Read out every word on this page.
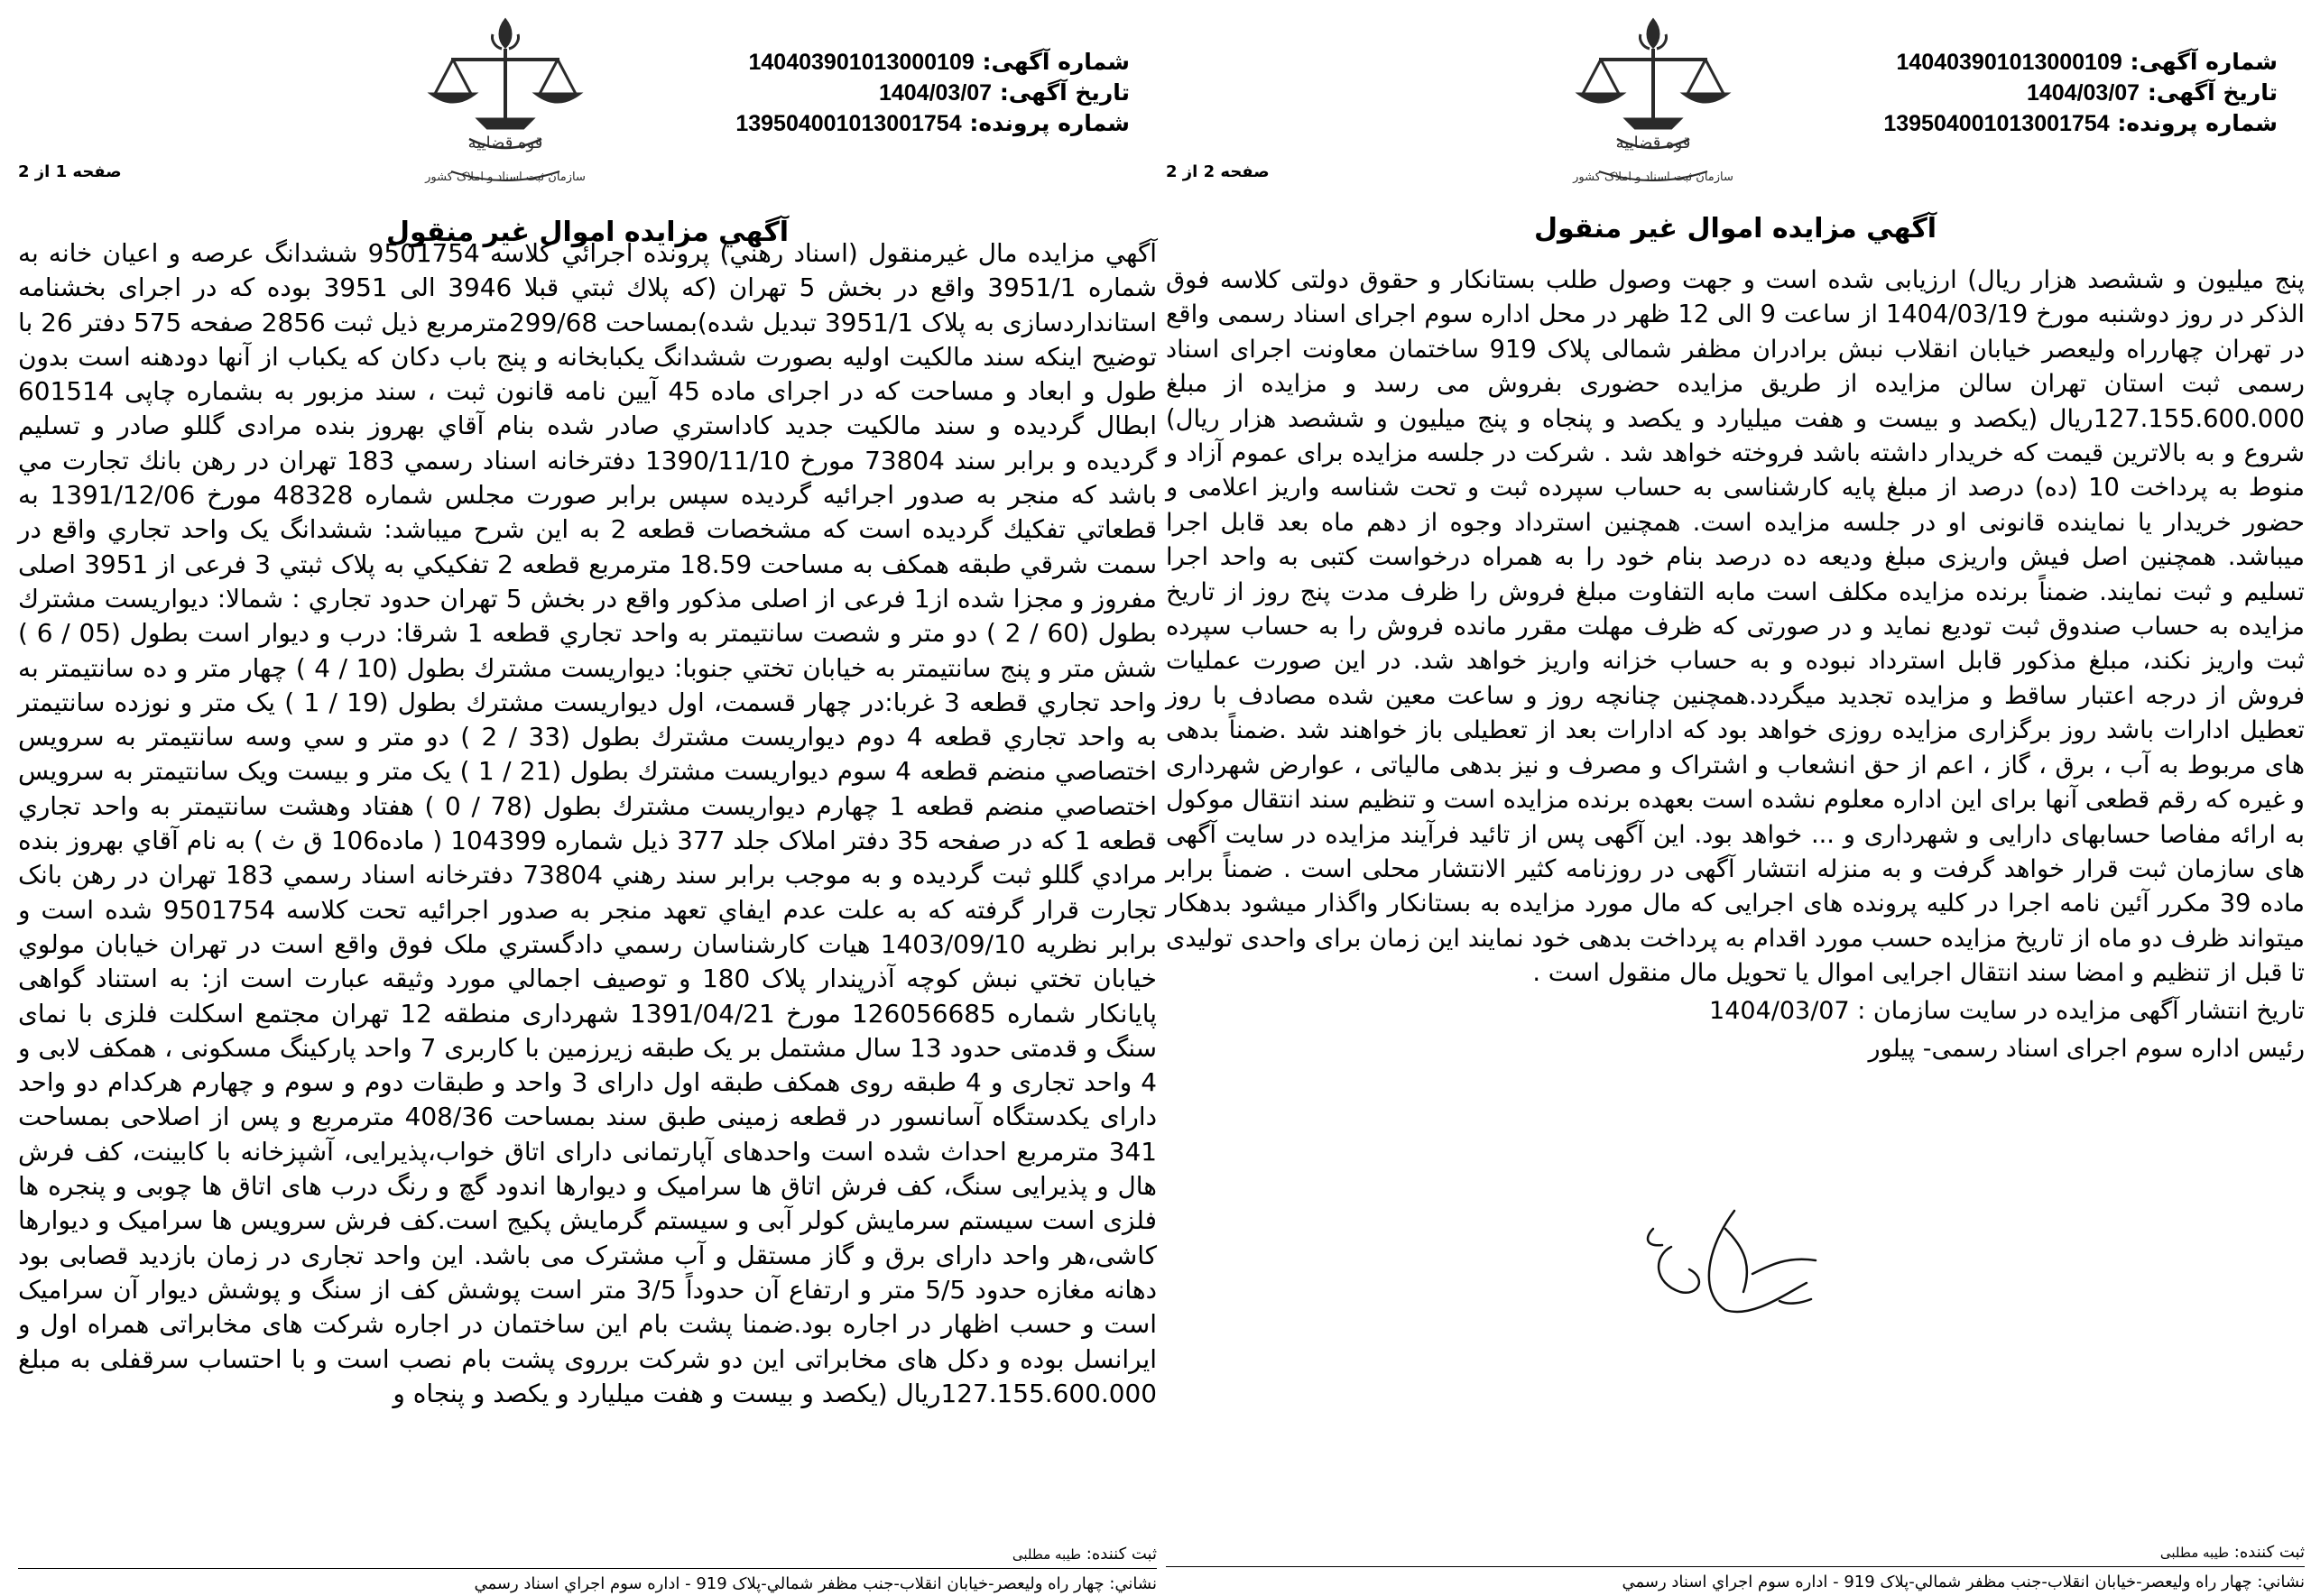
شماره آگهی: 140403901013000109
تاریخ آگهی: 1404/03/07
شماره پرونده: 139504001013001754
قوه قضاییه
سازمان ثبت اسناد و املاک کشور
صفحه 2 از 2
آگهي مزايده اموال غير منقول
پنج میلیون و ششصد هزار ریال) ارزیابی شده است و جهت وصول طلب بستانکار و حقوق دولتی کلاسه فوق الذکر در روز دوشنبه مورخ 1404/03/19 از ساعت 9 الی 12 ظهر در محل اداره سوم اجرای اسناد رسمی واقع در تهران چهارراه ولیعصر خیابان انقلاب نبش برادران مظفر شمالی پلاک 919 ساختمان معاونت اجرای اسناد رسمی ثبت استان تهران سالن مزایده از طریق مزایده حضوری بفروش می رسد و مزایده از مبلغ 127.155.600.000ریال (یکصد و بیست و هفت میلیارد و یکصد و پنجاه و پنج میلیون و ششصد هزار ریال) شروع و به بالاترین قیمت که خریدار داشته باشد فروخته خواهد شد . شرکت در جلسه مزایده برای عموم آزاد و منوط به پرداخت 10 (ده) درصد از مبلغ پایه کارشناسی به حساب سپرده ثبت و تحت شناسه واریز اعلامی و حضور خریدار یا نماینده قانونی او در جلسه مزایده است. همچنین استرداد وجوه از دهم ماه بعد قابل اجرا میباشد. همچنین اصل فیش واریزی مبلغ ودیعه ده درصد بنام خود را به همراه درخواست کتبی به واحد اجرا تسلیم و ثبت نمایند. ضمناً برنده مزایده مکلف است مابه التفاوت مبلغ فروش را ظرف مدت پنج روز از تاریخ مزایده به حساب صندوق ثبت تودیع نماید و در صورتی که ظرف مهلت مقرر مانده فروش را به حساب سپرده ثبت واریز نکند، مبلغ مذکور قابل استرداد نبوده و به حساب خزانه واریز خواهد شد. در این صورت عملیات فروش از درجه اعتبار ساقط و مزایده تجدید میگردد.همچنین چنانچه روز و ساعت معین شده مصادف با روز تعطیل ادارات باشد روز برگزاری مزایده روزی خواهد بود که ادارات بعد از تعطیلی باز خواهند شد .ضمناً بدهی های مربوط به آب ، برق ، گاز ، اعم از حق انشعاب و اشتراک و مصرف و نیز بدهی مالیاتی ، عوارض شهرداری و غیره که رقم قطعی آنها برای این اداره معلوم نشده است بعهده برنده مزایده است و تنظیم سند انتقال موکول به ارائه مفاصا حسابهای دارایی و شهرداری و ... خواهد بود. این آگهی پس از تائید فرآیند مزایده در سایت آگهی های سازمان ثبت قرار خواهد گرفت و به منزله انتشار آگهی در روزنامه کثیر الانتشار محلی است . ضمناً برابر ماده 39 مکرر آئین نامه اجرا در کلیه پرونده های اجرایی که مال مورد مزایده به بستانکار واگذار میشود بدهکار میتواند ظرف دو ماه از تاریخ مزایده حسب مورد اقدام به پرداخت بدهی خود نمایند این زمان برای واحدی تولیدی تا قبل از تنظیم و امضا سند انتقال اجرایی اموال یا تحویل مال منقول است .
تاریخ انتشار آگهی مزایده در سایت سازمان : 1404/03/07
رئیس اداره سوم اجرای اسناد رسمی- پیلور
ثبت کننده: طیبه مطلبی
نشاني: چهار راه وليعصر-خيابان انقلاب-جنب مظفر شمالي-پلاک 919 - اداره سوم اجراي اسناد رسمي
شماره آگهی: 140403901013000109
تاریخ آگهی: 1404/03/07
شماره پرونده: 139504001013001754
قوه قضاییه
سازمان ثبت اسناد و املاک کشور
صفحه 1 از 2
آگهي مزايده اموال غير منقول
آگهي مزايده مال غيرمنقول (اسناد رهني) پرونده اجرائي كلاسه 9501754 ششدانگ عرصه و اعيان خانه به شماره 3951/1 واقع در بخش 5 تهران (كه پلاك ثبتي قبلا 3946 الی 3951 بوده كه در اجرای بخشنامه استانداردسازی به پلاک 3951/1 تبدیل شده)بمساحت 299/68مترمربع ذیل ثبت 2856 صفحه 575 دفتر 26 با توضیح اینکه سند مالكيت اولیه بصورت ششدانگ یکبابخانه و پنج باب دکان كه یکباب از آنها دودهنه است بدون طول و ابعاد و مساحت كه در اجرای ماده 45 آیین نامه قانون ثبت ، سند مزبور به بشماره چاپی 601514 ابطال گرديده و سند مالكيت جديد كاداستري صادر شده بنام آقاي بهروز بنده مرادی گللو صادر و تسلیم گرديده و برابر سند 73804 مورخ 1390/11/10 دفترخانه اسناد رسمي 183 تهران در رهن بانك تجارت مي باشد كه منجر به صدور اجرائيه گرديده سپس برابر صورت مجلس شماره 48328 مورخ 1391/12/06 به قطعاتي تفكيك گرديده است كه مشخصات قطعه 2 به اين شرح ميباشد: ششدانگ يک واحد تجاري واقع در سمت شرقي طبقه همكف به مساحت 18.59 مترمربع قطعه 2 تفكيكي به پلاک ثبتي 3 فرعی از 3951 اصلی مفروز و مجزا شده از1 فرعی از اصلی مذکور واقع در بخش 5 تهران حدود تجاري : شمالا: ديواريست مشترك بطول (60 / 2 ) دو متر و شصت سانتيمتر به واحد تجاري قطعه 1 شرقا: درب و ديوار است بطول (05 / 6 ) شش متر و پنج سانتيمتر به خيابان تختي جنوبا: ديواريست مشترك بطول (10 / 4 ) چهار متر و ده سانتيمتر به واحد تجاري قطعه 3 غربا:در چهار قسمت، اول ديواريست مشترك بطول (19 / 1 ) يک متر و نوزده سانتيمتر به واحد تجاري قطعه 4 دوم ديواريست مشترك بطول (33 / 2 ) دو متر و سي وسه سانتيمتر به سرويس اختصاصي منضم قطعه 4 سوم ديواريست مشترك بطول (21 / 1 ) يک متر و بيست ويک سانتيمتر به سرويس اختصاصي منضم قطعه 1 چهارم ديواريست مشترك بطول (78 / 0 ) هفتاد وهشت سانتيمتر به واحد تجاري قطعه 1 كه در صفحه 35 دفتر املاک جلد 377 ذيل شماره 104399 ( ماده106 ق ث ) به نام آقاي بهروز بنده مرادي گللو ثبت گرديده و به موجب برابر سند رهني 73804 دفترخانه اسناد رسمي 183 تهران در رهن بانک تجارت قرار گرفته که به علت عدم ایفاي تعهد منجر به صدور اجرائيه تحت كلاسه 9501754 شده است و برابر نظریه 1403/09/10 هيات كارشناسان رسمي دادگستري ملک فوق واقع است در تهران خیابان مولوي خيابان تختي نبش كوچه آذرپندار پلاک 180 و توصيف اجمالي مورد وثيقه عبارت است از: به استناد گواهی پایانکار شماره 126056685 مورخ 1391/04/21 شهرداری منطقه 12 تهران مجتمع اسكلت فلزی با نمای سنگ و قدمتی حدود 13 سال مشتمل بر یک طبقه زیرزمین با کاربری 7 واحد پارکینگ مسکونی ، همکف لابی و 4 واحد تجاری و 4 طبقه روی همکف طبقه اول دارای 3 واحد و طبقات دوم و سوم و چهارم هرکدام دو واحد دارای یکدستگاه آسانسور در قطعه زمینی طبق سند بمساحت 408/36 مترمربع و پس از اصلاحی بمساحت 341 مترمربع احداث شده است واحدهای آپارتمانی دارای اتاق خواب،پذیرایی، آشپزخانه با کابینت، کف فرش هال و پذیرایی سنگ، کف فرش اتاق ها سرامیک و دیوارها اندود گچ و رنگ درب های اتاق ها چوبی و پنجره ها فلزی است سیستم سرمایش کولر آبی و سیستم گرمایش پکیج است.کف فرش سرویس ها سرامیک و دیوارها کاشی،هر واحد دارای برق و گاز مستقل و آب مشترک می باشد. این واحد تجاری در زمان بازدید قصابی بود دهانه مغازه حدود 5/5 متر و ارتفاع آن حدوداً 3/5 متر است پوشش کف از سنگ و پوشش دیوار آن سرامیک است و حسب اظهار در اجاره بود.ضمنا پشت بام این ساختمان در اجاره شرکت های مخابراتی همراه اول و ایرانسل بوده و دکل های مخابراتی این دو شرکت برروی پشت بام نصب است و با احتساب سرقفلی به مبلغ 127.155.600.000ریال (یکصد و بیست و هفت میلیارد و یکصد و پنجاه و
ثبت کننده: طیبه مطلبی
نشاني: چهار راه وليعصر-خيابان انقلاب-جنب مظفر شمالي-پلاک 919 - اداره سوم اجراي اسناد رسمي
